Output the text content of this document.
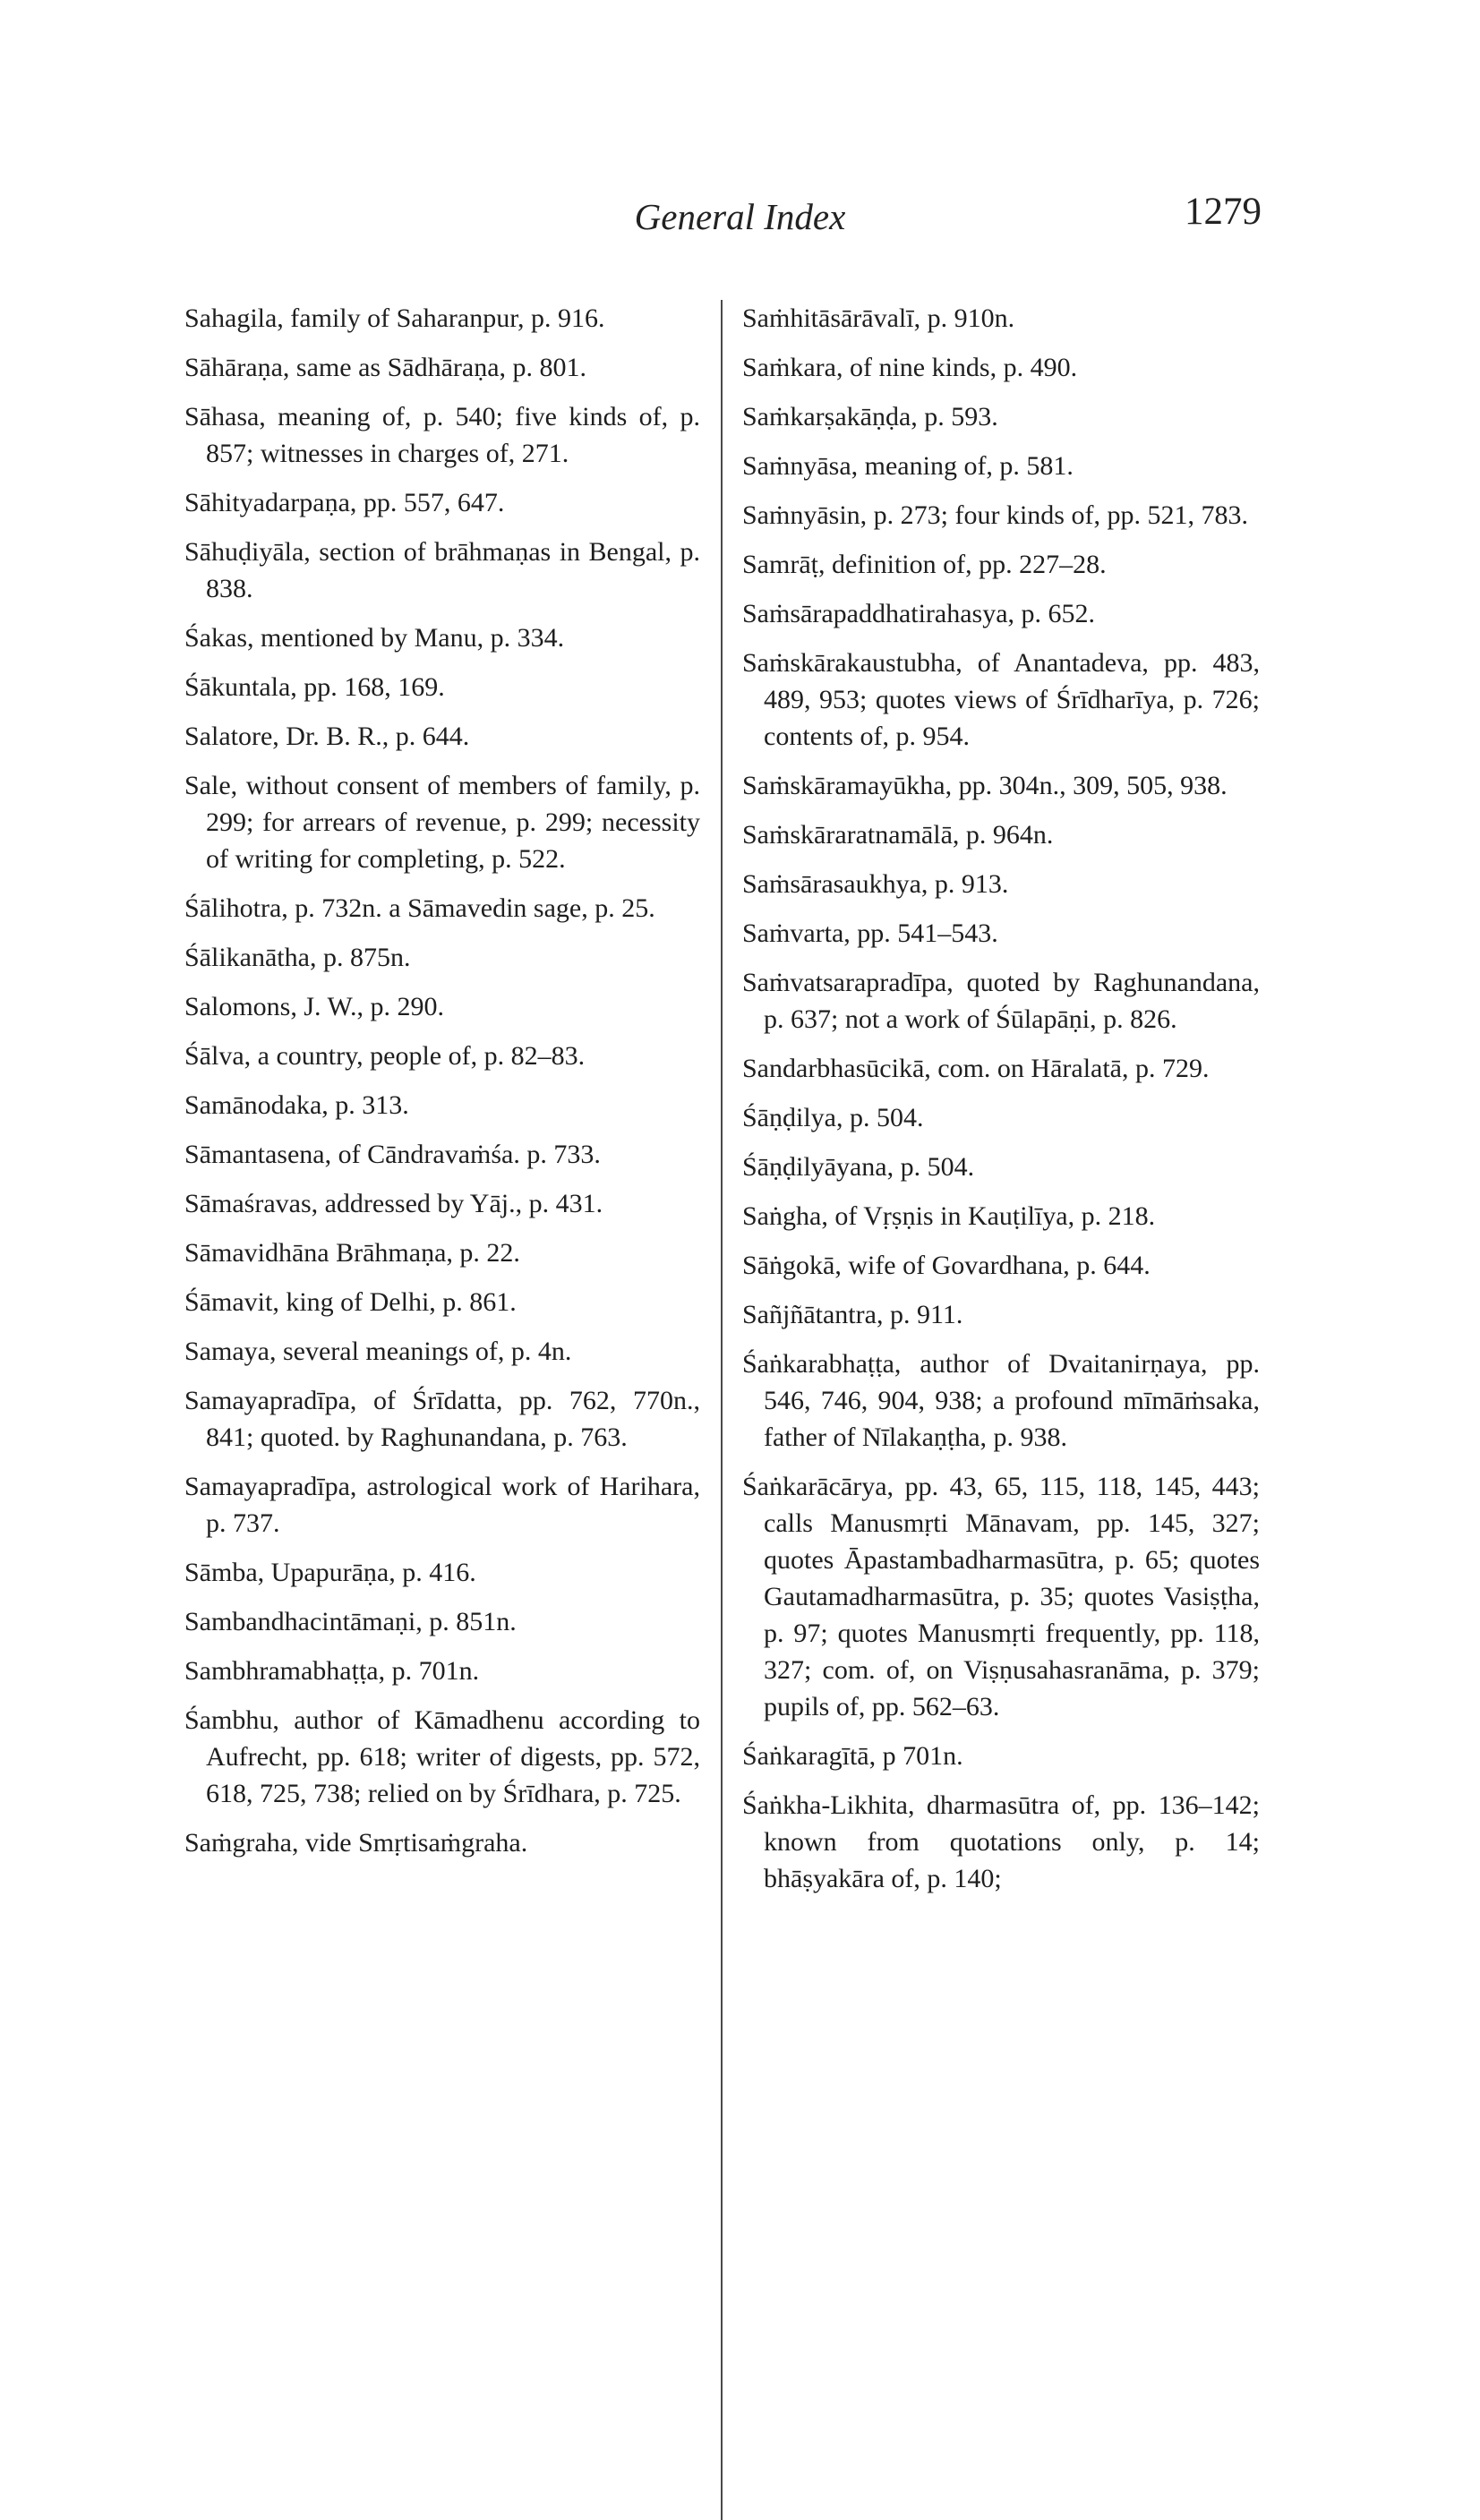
General Index	1279

Sahagila, family of Saharanpur, p. 916.

Sāhāraṇa, same as Sādhāraṇa, p. 801.

Sāhasa, meaning of, p. 540; five kinds of, p. 857; witnesses in charges of, 271.

Sāhityadarpaṇa, pp. 557, 647.

Sāhuḍiyāla, section of brāhmaṇas in Bengal, p. 838.

Śakas, mentioned by Manu, p. 334.

Śākuntala, pp. 168, 169.

Salatore, Dr. B. R., p. 644.

Sale, without consent of members of family, p. 299; for arrears of revenue, p. 299; necessity of writing for completing, p. 522.

Śālihotra, p. 732n. a Sāmavedin sage, p. 25.

Śālikanātha, p. 875n.

Salomons, J. W., p. 290.

Śālva, a country, people of, p. 82–83.

Samānodaka, p. 313.

Sāmantasena, of Cāndravaṁśa. p. 733.

Sāmaśravas, addressed by Yāj., p. 431.

Sāmavidhāna Brāhmaṇa, p. 22.

Śāmavit, king of Delhi, p. 861.

Samaya, several meanings of, p. 4n.

Samayapradīpa, of Śrīdatta, pp. 762, 770n., 841; quoted. by Raghunandana, p. 763.

Samayapradīpa, astrological work of Harihara, p. 737.

Sāmba, Upapurāṇa, p. 416.

Sambandhacintāmaṇi, p. 851n.

Sambhramabhaṭṭa, p. 701n.

Śambhu, author of Kāmadhenu according to Aufrecht, pp. 618; writer of digests, pp. 572, 618, 725, 738; relied on by Śrīdhara, p. 725.

Saṁgraha, vide Smṛtisaṁgraha.

Saṁhitāsārāvalī, p. 910n.

Saṁkara, of nine kinds, p. 490.

Saṁkarṣakāṇḍa, p. 593.

Saṁnyāsa, meaning of, p. 581.

Saṁnyāsin, p. 273; four kinds of, pp. 521, 783.

Samrāṭ, definition of, pp. 227–28.

Saṁsārapaddhatirahasya, p. 652.

Saṁskārakaustubha, of Anantadeva, pp. 483, 489, 953; quotes views of Śrīdharīya, p. 726; contents of, p. 954.

Saṁskāramayūkha, pp. 304n., 309, 505, 938.

Saṁskāraratnamālā, p. 964n.

Saṁsārasaukhya, p. 913.

Saṁvarta, pp. 541–543.

Saṁvatsarapradīpa, quoted by Raghunandana, p. 637; not a work of Śūlapāṇi, p. 826.

Sandarbhasūcikā, com. on Hāralatā, p. 729.

Śāṇḍilya, p. 504.

Śāṇḍilyāyana, p. 504.

Saṅgha, of Vṛṣṇis in Kauṭilīya, p. 218.

Sāṅgokā, wife of Govardhana, p. 644.

Sañjñātantra, p. 911.

Śaṅkarabhaṭṭa, author of Dvaitanirṇaya, pp. 546, 746, 904, 938; a profound mīmāṁsaka, father of Nīlakaṇṭha, p. 938.

Śaṅkarācārya, pp. 43, 65, 115, 118, 145, 443; calls Manusmṛti Mānavam, pp. 145, 327; quotes Āpastambadharmasūtra, p. 65; quotes Gautamadharmasūtra, p. 35; quotes Vasiṣṭha, p. 97; quotes Manusmṛti frequently, pp. 118, 327; com. of, on Viṣṇusahasranāma, p. 379; pupils of, pp. 562–63.

Śaṅkaragītā, p 701n.

Śaṅkha-Likhita, dharmasūtra of, pp. 136–142; known from quotations only, p. 14; bhāṣyakāra of, p. 140;
